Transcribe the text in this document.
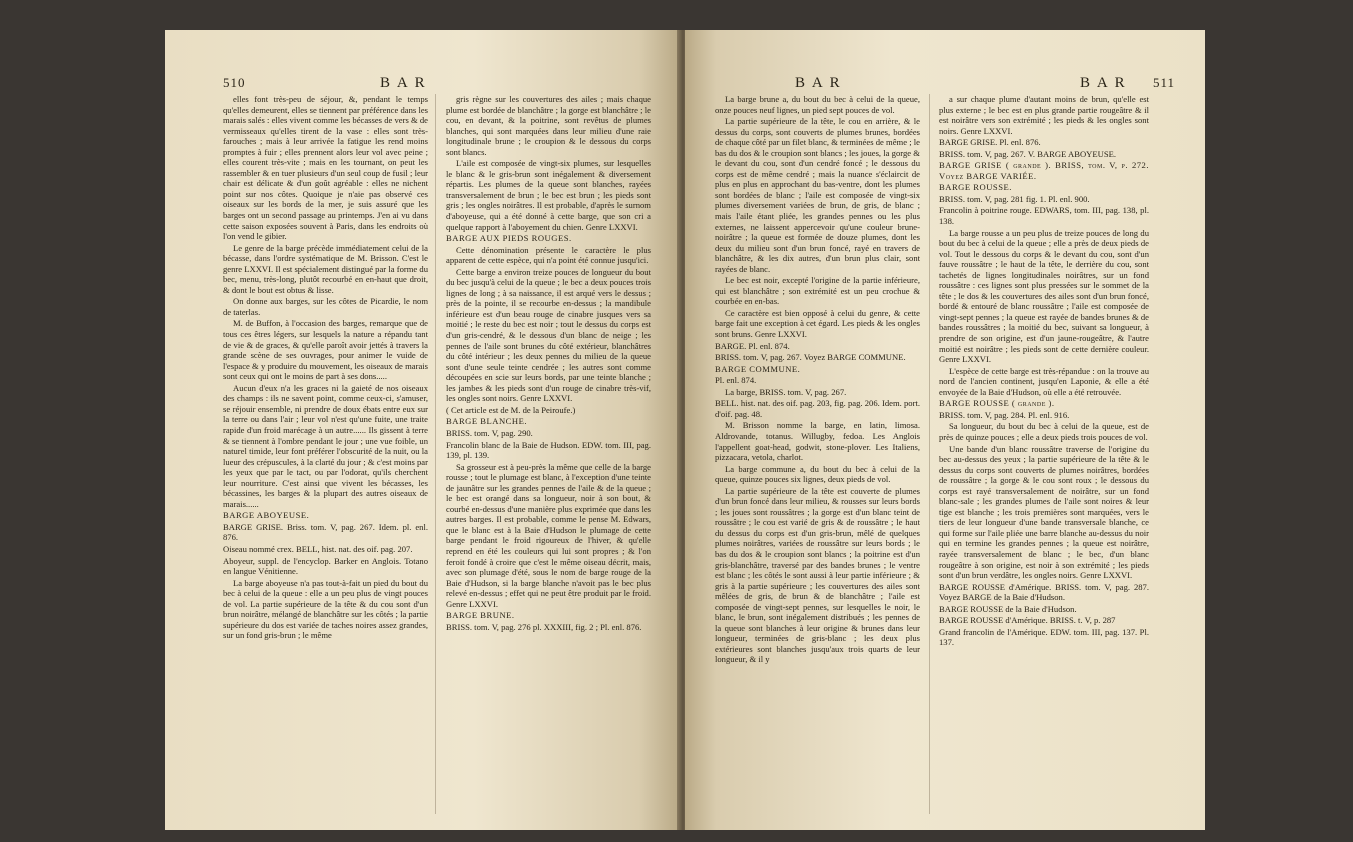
510	B A R

elles font très-peu de séjour, &, pendant le temps qu'elles demeurent, elles se tiennent par préférence dans les marais salés : elles vivent comme les bécasses de vers & de vermisseaux qu'elles tirent de la vase : elles sont très-farouches ; mais à leur arrivée la fatigue les rend moins promptes à fuir ; elles prennent alors leur vol avec peine ; elles courent très-vite ; mais en les tournant, on peut les rassembler & en tuer plusieurs d'un seul coup de fusil ; leur chair est délicate & d'un goût agréable : elles ne nichent point sur nos côtes. Quoique je n'aie pas observé ces oiseaux sur les bords de la mer, je suis assuré que les barges ont un second passage au printemps. J'en ai vu dans cette saison exposées souvent à Paris, dans les endroits où l'on vend le gibier.

Le genre de la barge précède immédiatement celui de la bécasse, dans l'ordre systématique de M. Brisson. C'est le genre LXXVI. Il est spécialement distingué par la forme du bec, menu, très-long, plutôt recourbé en en-haut que droit, & dont le bout est obtus & lisse.

On donne aux barges, sur les côtes de Picardie, le nom de taterlas.

M. de Buffon, à l'occasion des barges, remarque que de tous ces êtres légers, sur lesquels la nature a répandu tant de vie & de graces, & qu'elle paroît avoir jettés à travers la grande scène de ses ouvrages, pour animer le vuide de l'espace & y produire du mouvement, les oiseaux de marais sont ceux qui ont le moins de part à ses dons.....

Aucun d'eux n'a les graces ni la gaieté de nos oiseaux des champs : ils ne savent point, comme ceux-ci, s'amuser, se réjouir ensemble, ni prendre de doux ébats entre eux sur la terre ou dans l'air ; leur vol n'est qu'une fuite, une traite rapide d'un froid marécage à un autre...... Ils gissent à terre & se tiennent à l'ombre pendant le jour ; une vue foible, un naturel timide, leur font préférer l'obscurité de la nuit, ou la lueur des crépuscules, à la clarté du jour ; & c'est moins par les yeux que par le tact, ou par l'odorat, qu'ils cherchent leur nourriture. C'est ainsi que vivent les bécasses, les bécassines, les barges & la plupart des autres oiseaux de marais......

BARGE ABOYEUSE.

BARGE GRISE. Briss. tom. V, pag. 267. Idem. pl. enl. 876.

Oiseau nommé crex. BELL, hist. nat. des oif. pag. 207.

Aboyeur, suppl. de l'encyclop. Barker en Anglois. Totano en langue Vénitienne.

La barge aboyeuse n'a pas tout-à-fait un pied du bout du bec à celui de la queue : elle a un peu plus de vingt pouces de vol. La partie supérieure de la tête & du cou sont d'un brun noirâtre, mélangé de blanchâtre sur les côtés ; la partie supérieure du dos est variée de taches noires assez grandes, sur un fond gris-brun ; le même

gris règne sur les couvertures des ailes ; mais chaque plume est bordée de blanchâtre ; la gorge est blanchâtre ; le cou, en devant, & la poitrine, sont revêtus de plumes blanches, qui sont marquées dans leur milieu d'une raie longitudinale brune ; le croupion & le dessous du corps sont blancs.

L'aile est composée de vingt-six plumes, sur lesquelles le blanc & le gris-brun sont inégalement & diversement répartis. Les plumes de la queue sont blanches, rayées transversalement de brun ; le bec est brun ; les pieds sont gris ; les ongles noirâtres. Il est probable, d'après le surnom d'aboyeuse, qui a été donné à cette barge, que son cri a quelque rapport à l'aboyement du chien. Genre LXXVI.

BARGE AUX PIEDS ROUGES.

Cette dénomination présente le caractère le plus apparent de cette espèce, qui n'a point été connue jusqu'ici.

Cette barge a environ treize pouces de longueur du bout du bec jusqu'à celui de la queue ; le bec a deux pouces trois lignes de long ; à sa naissance, il est arqué vers le dessus ; près de la pointe, il se recourbe en-dessus ; la mandibule inférieure est d'un beau rouge de cinabre jusques vers sa moitié ; le reste du bec est noir ; tout le dessus du corps est d'un gris-cendré, & le dessous d'un blanc de neige ; les pennes de l'aile sont brunes du côté extérieur, blanchâtres du côté intérieur ; les deux pennes du milieu de la queue sont d'une seule teinte cendrée ; les autres sont comme découpées en scie sur leurs bords, par une teinte blanche ; les jambes & les pieds sont d'un rouge de cinabre très-vif, les ongles sont noirs. Genre LXXVI.

( Cet article est de M. de la Peiroufe.)

BARGE BLANCHE.

BRISS. tom. V, pag. 290.

Francolin blanc de la Baie de Hudson. EDW. tom. III, pag. 139, pl. 139.

Sa grosseur est à peu-près la même que celle de la barge rousse ; tout le plumage est blanc, à l'exception d'une teinte de jaunâtre sur les grandes pennes de l'aile & de la queue ; le bec est orangé dans sa longueur, noir à son bout, & courbé en-dessus d'une manière plus exprimée que dans les autres barges. Il est probable, comme le pense M. Edwars, que le blanc est à la Baie d'Hudson le plumage de cette barge pendant le froid rigoureux de l'hiver, & qu'elle reprend en été les couleurs qui lui sont propres ; & l'on feroit fondé à croire que c'est le même oiseau décrit, mais, avec son plumage d'été, sous le nom de barge rouge de la Baie d'Hudson, si la barge blanche n'avoit pas le bec plus relevé en-dessus ; effet qui ne peut être produit par le froid. Genre LXXVI.

BARGE BRUNE.

BRISS. tom. V, pag. 276 pl. XXXIII, fig. 2 ; Pl. enl. 876.

B A R	B A R 511

La barge brune a, du bout du bec à celui de la queue, onze pouces neuf lignes, un pied sept pouces de vol.

La partie supérieure de la tête, le cou en arrière, & le dessus du corps, sont couverts de plumes brunes, bordées de chaque côté par un filet blanc, & terminées de même ; le bas du dos & le croupion sont blancs ; les joues, la gorge & le devant du cou, sont d'un cendré foncé ; le dessous du corps est de même cendré ; mais la nuance s'éclaircit de plus en plus en approchant du bas-ventre, dont les plumes sont bordées de blanc ; l'aile est composée de vingt-six plumes diversement variées de brun, de gris, de blanc ; mais l'aile étant pliée, les grandes pennes ou les plus externes, ne laissent appercevoir qu'une couleur brune-noirâtre ; la queue est formée de douze plumes, dont les deux du milieu sont d'un brun foncé, rayé en travers de blanchâtre, & les dix autres, d'un brun plus clair, sont rayées de blanc.

Le bec est noir, excepté l'origine de la partie inférieure, qui est blanchâtre ; son extrémité est un peu crochue & courbée en en-bas.

Ce caractère est bien opposé à celui du genre, & cette barge fait une exception à cet égard. Les pieds & les ongles sont bruns. Genre LXXVI.

BARGE. Pl. enl. 874.

BRISS. tom. V, pag. 267. Voyez BARGE COMMUNE.

BARGE COMMUNE.

Pl. enl. 874.

La barge, BRISS. tom. V, pag. 267.

BELL. hist. nat. des oif. pag. 203, fig. pag. 206. Idem. port. d'oif. pag. 48.

M. Brisson nomme la barge, en latin, limosa. Aldrovande, totanus. Willugby, fedoa. Les Anglois l'appellent goat-head, godwit, stone-plover. Les Italiens, pizzacara, vetola, charlot.

La barge commune a, du bout du bec à celui de la queue, quinze pouces six lignes, deux pieds de vol.

La partie supérieure de la tête est couverte de plumes d'un brun foncé dans leur milieu, & rousses sur leurs bords ; les joues sont roussâtres ; la gorge est d'un blanc teint de roussâtre ; le cou est varié de gris & de roussâtre ; le haut du dessus du corps est d'un gris-brun, mêlé de quelques plumes noirâtres, variées de roussâtre sur leurs bords ; le bas du dos & le croupion sont blancs ; la poitrine est d'un gris-blanchâtre, traversé par des bandes brunes ; le ventre est blanc ; les côtés le sont aussi à leur partie inférieure ; & gris à la partie supérieure ; les couvertures des ailes sont mêlées de gris, de brun & de blanchâtre ; l'aile est composée de vingt-sept pennes, sur lesquelles le noir, le blanc, le brun, sont inégalement distribués ; les pennes de la queue sont blanches à leur origine & brunes dans leur longueur, terminées de gris-blanc ; les deux plus extérieures sont blanches jusqu'aux trois quarts de leur longueur, & il y

a sur chaque plume d'autant moins de brun, qu'elle est plus externe ; le bec est en plus grande partie rougeâtre & il est noirâtre vers son extrémité ; les pieds & les ongles sont noirs. Genre LXXVI.

BARGE GRISE. Pl. enl. 876.

BRISS. tom. V, pag. 267. V. BARGE ABOYEUSE.

BARGE GRISE ( grande ). BRISS, tom. V, p. 272. Voyez BARGE VARIÉE.

BARGE ROUSSE.

BRISS. tom. V, pag. 281 fig. 1. Pl. enl. 900.

Francolin à poitrine rouge. EDWARS, tom. III, pag. 138, pl. 138.

La barge rousse a un peu plus de treize pouces de long du bout du bec à celui de la queue ; elle a près de deux pieds de vol. Tout le dessous du corps & le devant du cou, sont d'un fauve roussâtre ; le haut de la tête, le derrière du cou, sont tachetés de lignes longitudinales noirâtres, sur un fond roussâtre : ces lignes sont plus pressées sur le sommet de la tête ; le dos & les couvertures des ailes sont d'un brun foncé, bordé & entouré de blanc roussâtre ; l'aile est composée de vingt-sept pennes ; la queue est rayée de bandes brunes & de bandes roussâtres ; la moitié du bec, suivant sa longueur, à prendre de son origine, est d'un jaune-rougeâtre, & l'autre moitié est noirâtre ; les pieds sont de cette dernière couleur. Genre LXXVI.

L'espèce de cette barge est très-répandue : on la trouve au nord de l'ancien continent, jusqu'en Laponie, & elle a été envoyée de la Baie d'Hudson, où elle a été retrouvée.

BARGE ROUSSE ( grande ).

BRISS. tom. V, pag. 284. Pl. enl. 916.

Sa longueur, du bout du bec à celui de la queue, est de près de quinze pouces ; elle a deux pieds trois pouces de vol.

Une bande d'un blanc roussâtre traverse de l'origine du bec au-dessus des yeux ; la partie supérieure de la tête & le dessus du corps sont couverts de plumes noirâtres, bordées de roussâtre ; la gorge & le cou sont roux ; le dessous du corps est rayé transversalement de noirâtre, sur un fond blanc-sale ; les grandes plumes de l'aile sont noires & leur tige est blanche ; les trois premières sont marquées, vers le tiers de leur longueur d'une bande transversale blanche, ce qui forme sur l'aile pliée une barre blanche au-dessus du noir qui en termine les grandes pennes ; la queue est noirâtre, rayée transversalement de blanc ; le bec, d'un blanc rougeâtre à son origine, est noir à son extrémité ; les pieds sont d'un brun verdâtre, les ongles noirs. Genre LXXVI.

BARGE ROUSSE d'Amérique. BRISS. tom. V, pag. 287. Voyez BARGE de la Baie d'Hudson.

BARGE ROUSSE de la Baie d'Hudson.

BARGE ROUSSE d'Amérique. BRISS. t. V, p. 287

Grand francolin de l'Amérique. EDW. tom. III, pag. 137. Pl. 137.
